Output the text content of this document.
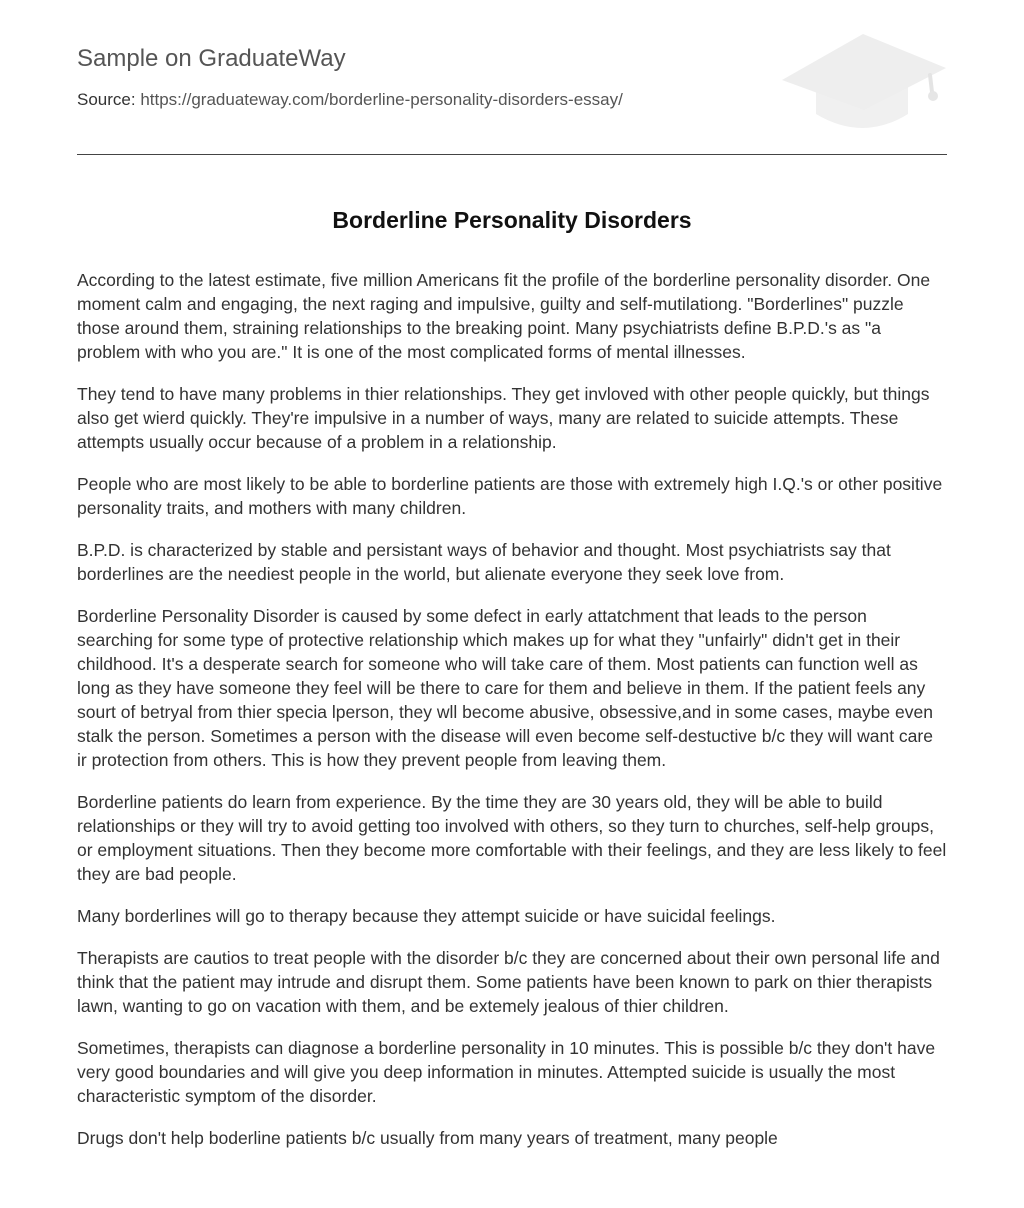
Sample on GraduateWay
Source: https://graduateway.com/borderline-personality-disorders-essay/
Borderline Personality Disorders

According to the latest estimate, five million Americans fit the profile of the borderline personality disorder. One moment calm and engaging, the next raging and impulsive, guilty and self-mutilationg. "Borderlines" puzzle those around them, straining relationships to the breaking point. Many psychiatrists define B.P.D.'s as "a problem with who you are." It is one of the most complicated forms of mental illnesses.

They tend to have many problems in thier relationships. They get invloved with other people quickly, but things also get wierd quickly. They're impulsive in a number of ways, many are related to suicide attempts. These attempts usually occur because of a problem in a relationship.

People who are most likely to be able to borderline patients are those with extremely high I.Q.'s or other positive personality traits, and mothers with many children.

B.P.D. is characterized by stable and persistant ways of behavior and thought. Most psychiatrists say that borderlines are the neediest people in the world, but alienate everyone they seek love from.

Borderline Personality Disorder is caused by some defect in early attatchment that leads to the person searching for some type of protective relationship which makes up for what they "unfairly" didn't get in their childhood. It's a desperate search for someone who will take care of them. Most patients can function well as long as they have someone they feel will be there to care for them and believe in them. If the patient feels any sourt of betryal from thier specia lperson, they wll become abusive, obsessive,and in some cases, maybe even stalk the person. Sometimes a person with the disease will even become self-destuctive b/c they will want care ir protection from others. This is how they prevent people from leaving them.

Borderline patients do learn from experience. By the time they are 30 years old, they will be able to build relationships or they will try to avoid getting too involved with others, so they turn to churches, self-help groups, or employment situations. Then they become more comfortable with their feelings, and they are less likely to feel they are bad people.

Many borderlines will go to therapy because they attempt suicide or have suicidal feelings.

Therapists are cautios to treat people with the disorder b/c they are concerned about their own personal life and think that the patient may intrude and disrupt them. Some patients have been known to park on thier therapists lawn, wanting to go on vacation with them, and be extemely jealous of thier children.

Sometimes, therapists can diagnose a borderline personality in 10 minutes. This is possible b/c they don't have very good boundaries and will give you deep information in minutes. Attempted suicide is usually the most characteristic symptom of the disorder.

Drugs don't help boderline patients b/c usually from many years of treatment, many people
